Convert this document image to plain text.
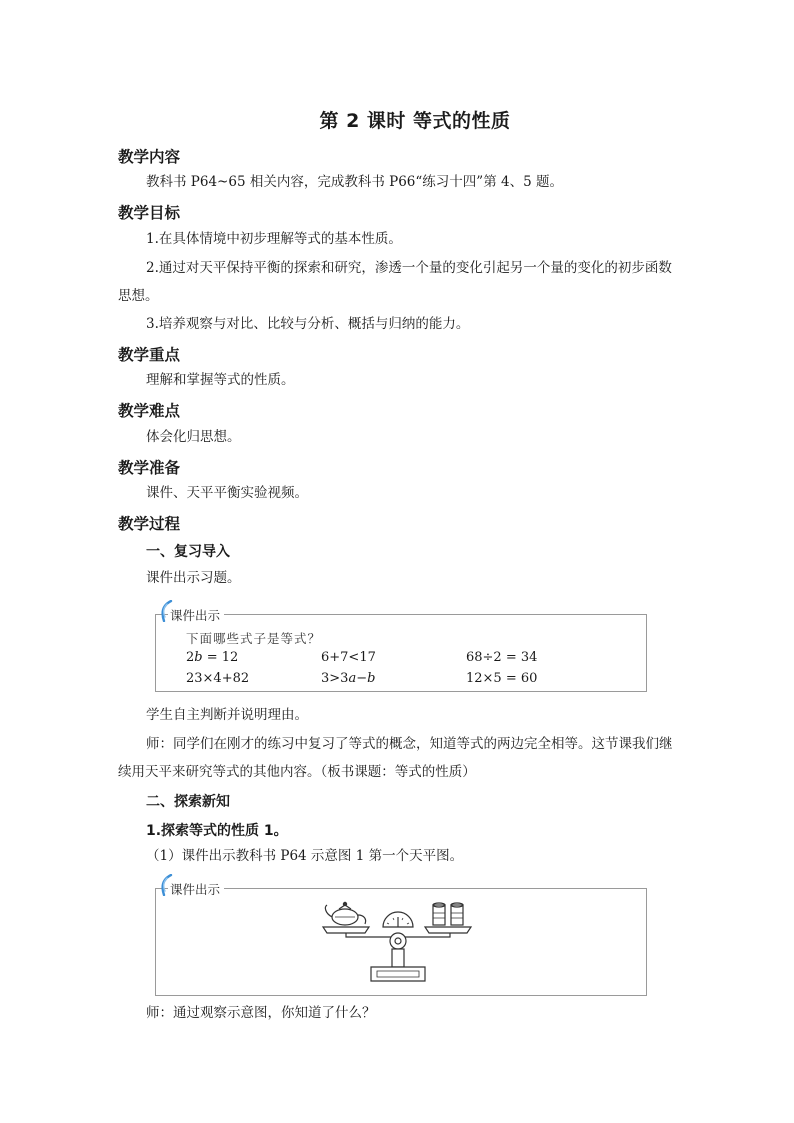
第 2 课时 等式的性质
教学内容
教科书 P64~65 相关内容，完成教科书 P66“练习十四”第 4、5 题。
教学目标
1.在具体情境中初步理解等式的基本性质。
2.通过对天平保持平衡的探索和研究，渗透一个量的变化引起另一个量的变化的初步函数思想。
3.培养观察与对比、比较与分析、概括与归纳的能力。
教学重点
理解和掌握等式的性质。
教学难点
体会化归思想。
教学准备
课件、天平平衡实验视频。
教学过程
一、复习导入
课件出示习题。
课件出示
下面哪些式子是等式？
2b = 12	6+7<17	68÷2 = 34
23×4+82	3>3a−b	12×5 = 60
学生自主判断并说明理由。
师：同学们在刚才的练习中复习了等式的概念，知道等式的两边完全相等。这节课我们继续用天平来研究等式的其他内容。（板书课题：等式的性质）
二、探索新知
1.探索等式的性质 1。
（1）课件出示教科书 P64 示意图 1 第一个天平图。
课件出示
师：通过观察示意图，你知道了什么？
